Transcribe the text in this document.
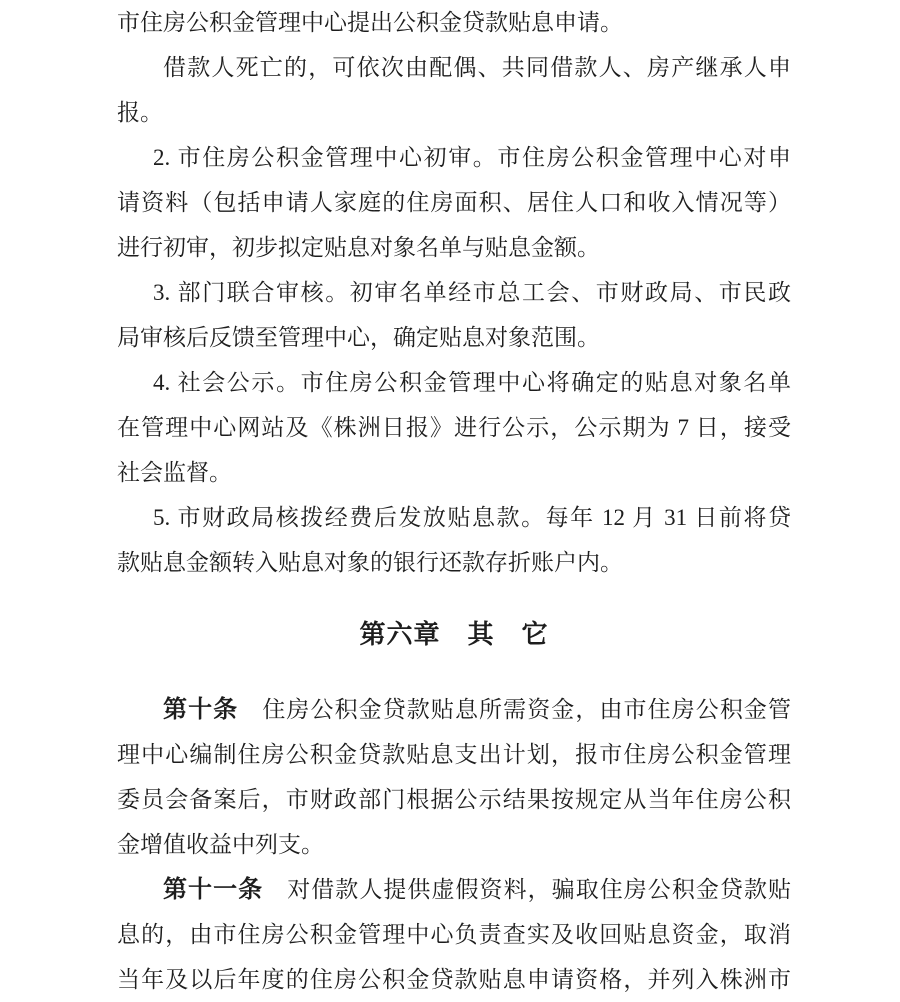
市住房公积金管理中心提出公积金贷款贴息申请。
借款人死亡的，可依次由配偶、共同借款人、房产继承人申
报。
2. 市住房公积金管理中心初审。市住房公积金管理中心对申
请资料（包括申请人家庭的住房面积、居住人口和收入情况等）
进行初审，初步拟定贴息对象名单与贴息金额。
3. 部门联合审核。初审名单经市总工会、市财政局、市民政
局审核后反馈至管理中心，确定贴息对象范围。
4. 社会公示。市住房公积金管理中心将确定的贴息对象名单
在管理中心网站及《株洲日报》进行公示，公示期为 7 日，接受
社会监督。
5. 市财政局核拨经费后发放贴息款。每年 12 月 31 日前将贷
款贴息金额转入贴息对象的银行还款存折账户内。
第六章　其　它
第十条　住房公积金贷款贴息所需资金，由市住房公积金管
理中心编制住房公积金贷款贴息支出计划，报市住房公积金管理
委员会备案后，市财政部门根据公示结果按规定从当年住房公积
金增值收益中列支。
第十一条　对借款人提供虚假资料，骗取住房公积金贷款贴
息的，由市住房公积金管理中心负责查实及收回贴息资金，取消
当年及以后年度的住房公积金贷款贴息申请资格，并列入株洲市
